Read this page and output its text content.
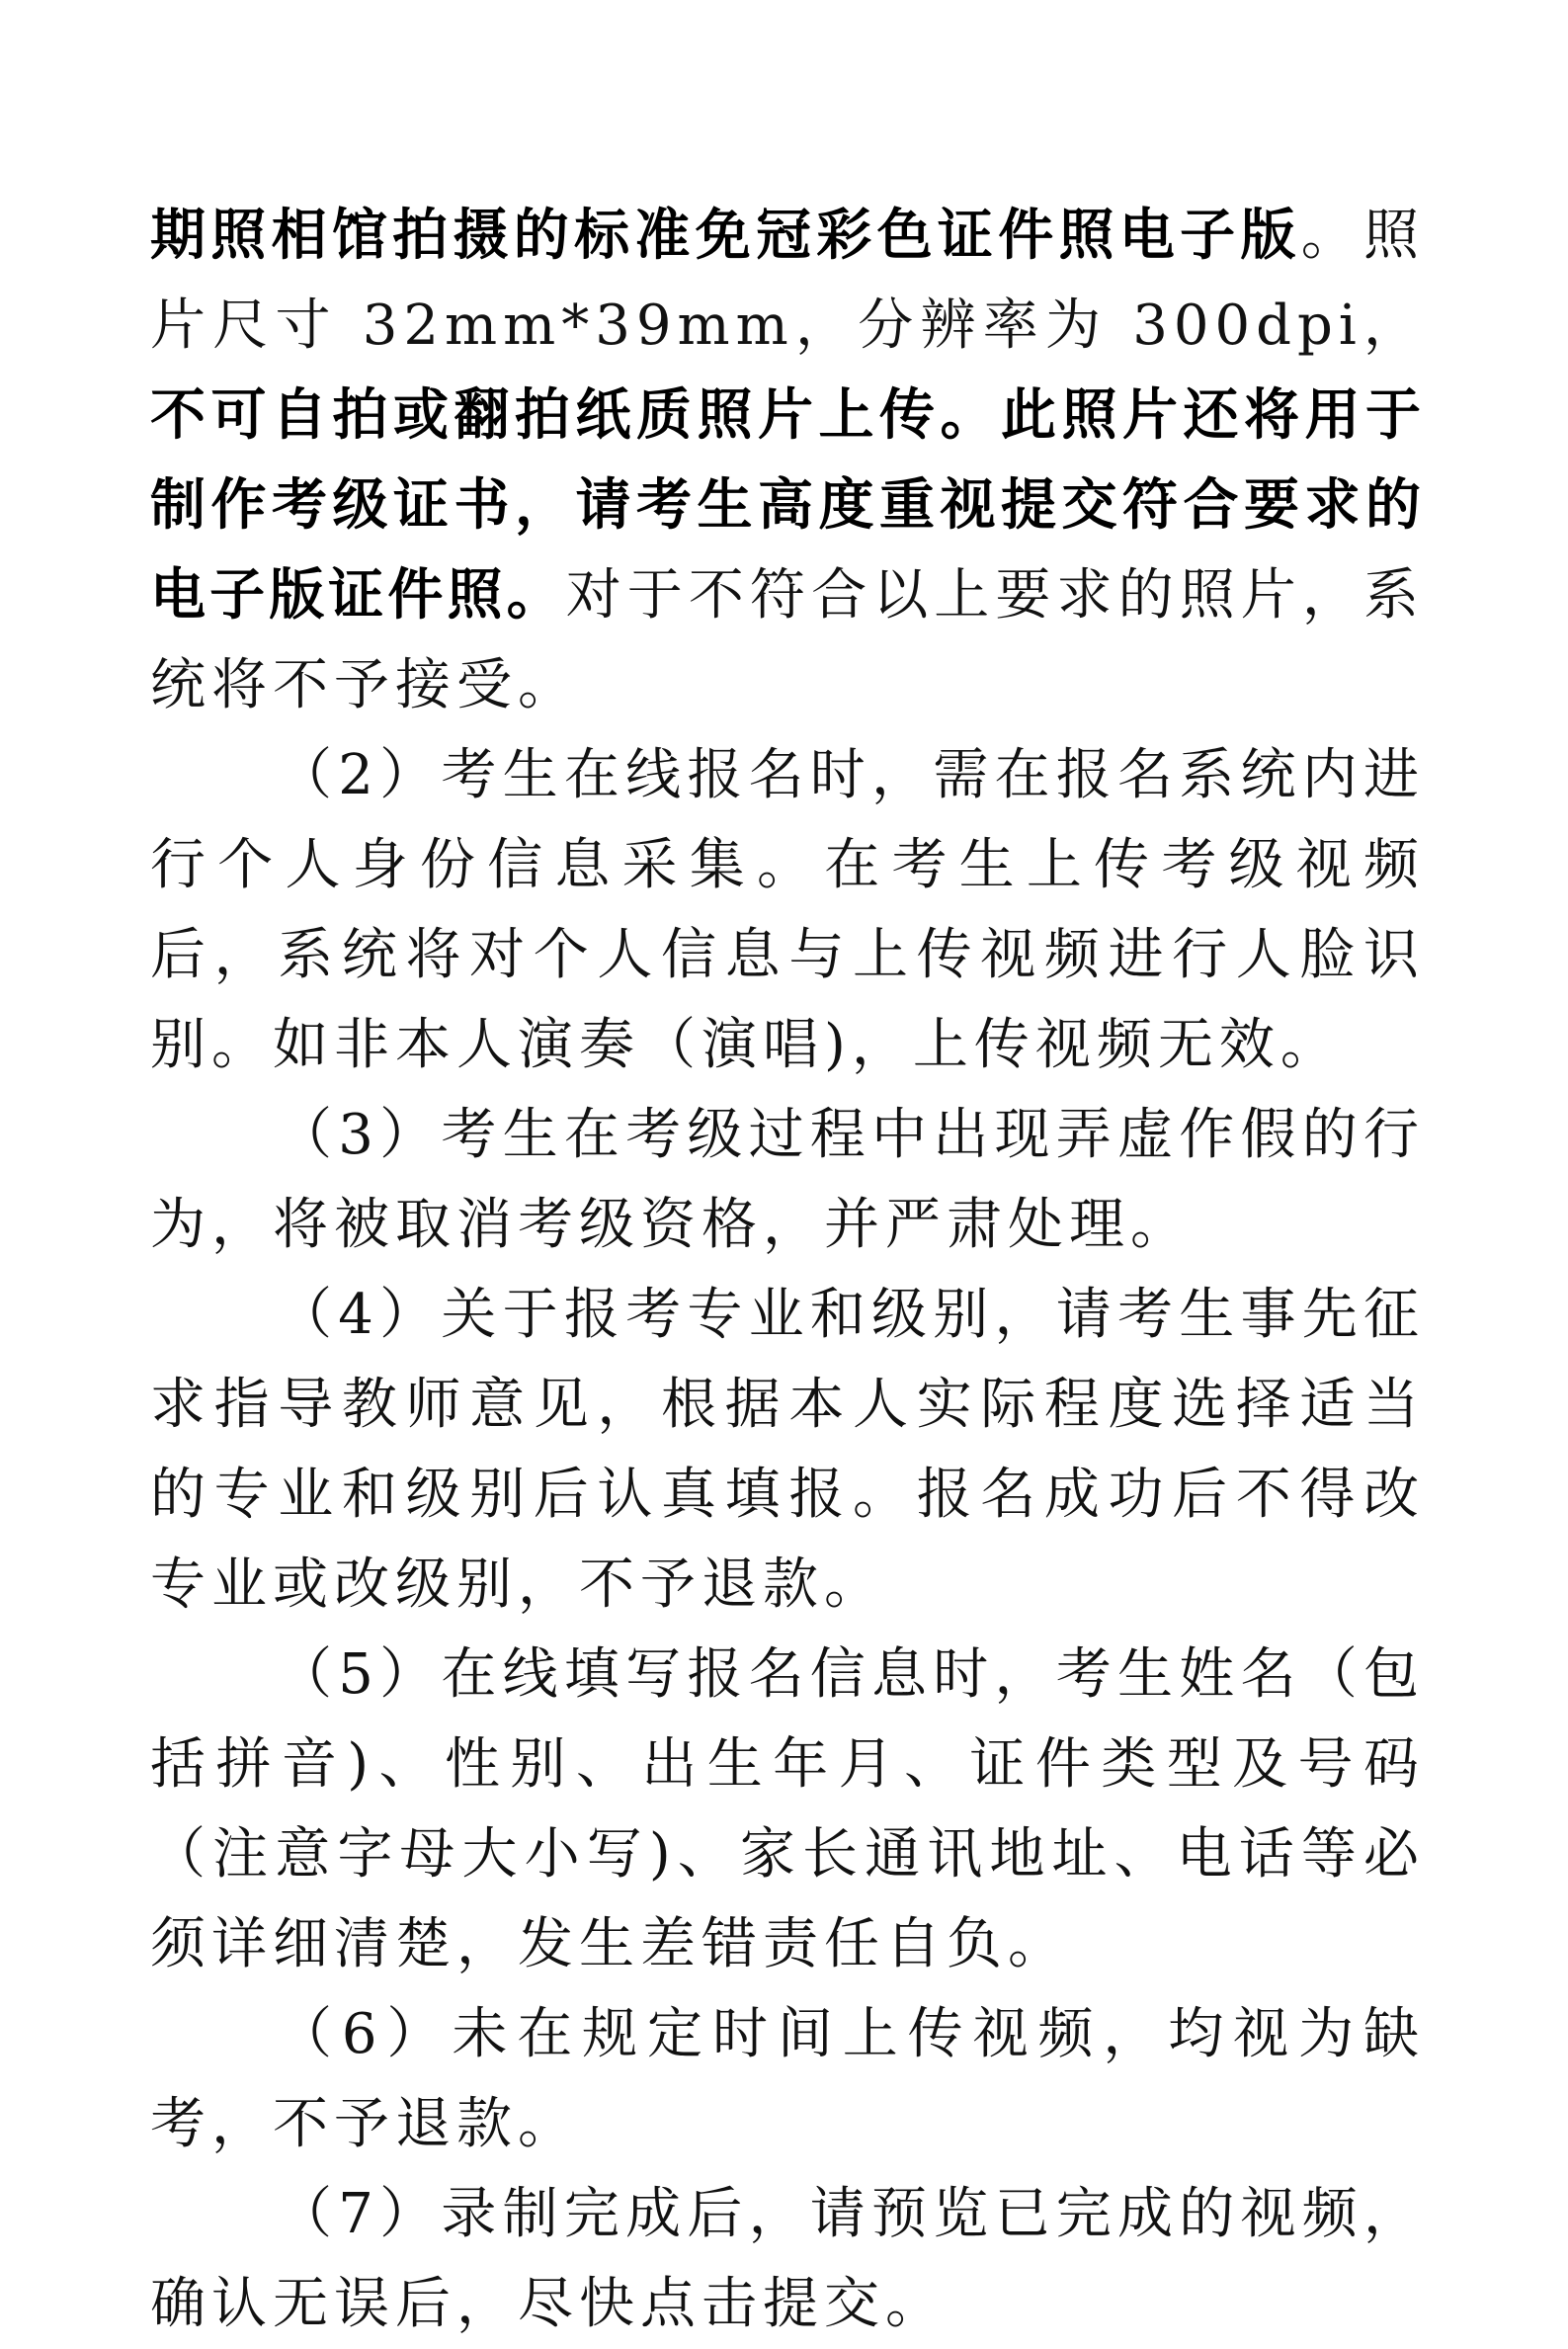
期照相馆拍摄的标准免冠彩色证件照电子版。照片尺寸 32mm*39mm，分辨率为 300dpi，不可自拍或翻拍纸质照片上传。此照片还将用于制作考级证书，请考生高度重视提交符合要求的电子版证件照。对于不符合以上要求的照片，系统将不予接受。

（2）考生在线报名时，需在报名系统内进行个人身份信息采集。在考生上传考级视频后，系统将对个人信息与上传视频进行人脸识别。如非本人演奏（演唱)，上传视频无效。

（3）考生在考级过程中出现弄虚作假的行为，将被取消考级资格，并严肃处理。

（4）关于报考专业和级别，请考生事先征求指导教师意见，根据本人实际程度选择适当的专业和级别后认真填报。报名成功后不得改专业或改级别，不予退款。

（5）在线填写报名信息时，考生姓名（包括拼音)、性别、出生年月、证件类型及号码（注意字母大小写)、家长通讯地址、电话等必须详细清楚，发生差错责任自负。

（6）未在规定时间上传视频，均视为缺考，不予退款。

（7）录制完成后，请预览已完成的视频，确认无误后，尽快点击提交。
